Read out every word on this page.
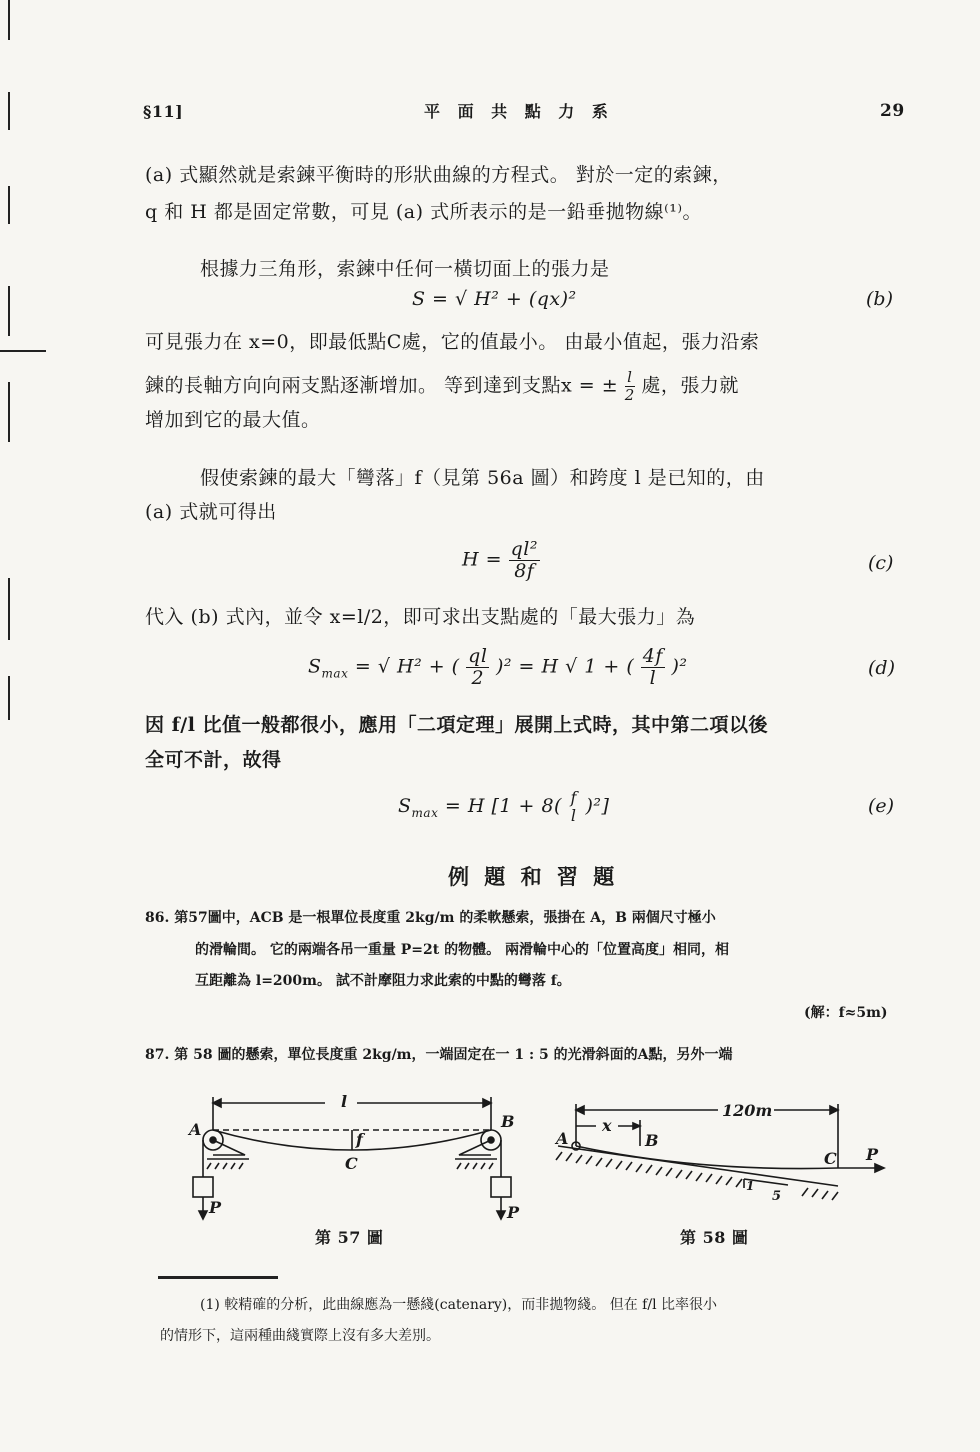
§11]	平 面 共 點 力 系	29
(a) 式顯然就是索鍊平衡時的形狀曲線的方程式。 對於一定的索鍊，
q 和 H 都是固定常數，可見 (a) 式所表示的是一鉛垂拋物線⁽¹⁾。
根據力三角形，索鍊中任何一橫切面上的張力是
S = √ H² + (qx)²	(b)
可見張力在 x=0，即最低點C處，它的值最小。 由最小值起，張力沿索
鍊的長軸方向向兩支點逐漸增加。 等到達到支點x = ± $\frac{l}{2}$ 處，張力就
增加到它的最大值。
假使索鍊的最大「彎落」f（見第 56a 圖）和跨度 l 是已知的，由
(a) 式就可得出
$H = \frac{\text{ql²}}{8f}$	(c)
代入 (b) 式內，並令 x=l/2，即可求出支點處的「最大張力」為
$S_{max}$ = √ H² + ( $\frac{ql}{2} )^2 = H$ √ 1 + ( $\frac{4f}{l} )^2$	(d)
因 f/l 比值一般都很小，應用「二項定理」展開上式時，其中第二項以後
全可不計，故得
$S_{max} = H$ [1 + 8( f
l )²]	(e)
例 題 和 習 題
86. 第57圖中，ACB 是一根單位長度重 2kg/m 的柔軟懸索，張掛在 A，B 兩個尺寸極小
的滑輪間。 它的兩端各吊一重量 P=2t 的物體。 兩滑輪中心的「位置高度」相同，相
互距離為 l=200m。 試不計摩阻力求此索的中點的彎落 f。
(解：f≈5m)
87. 第 58 圖的懸索，單位長度重 2kg/m，一端固定在一 1 : 5 的光滑斜面的A點，另外一端
l
A	B
f
C
P	P
第 57 圖
120m
x
A	B
C P
1
5
第 58 圖
(1) 較精確的分析，此曲線應為一懸綫(catenary)，而非拋物綫。 但在 f/l 比率很小
的情形下，這兩種曲綫實際上沒有多大差別。
